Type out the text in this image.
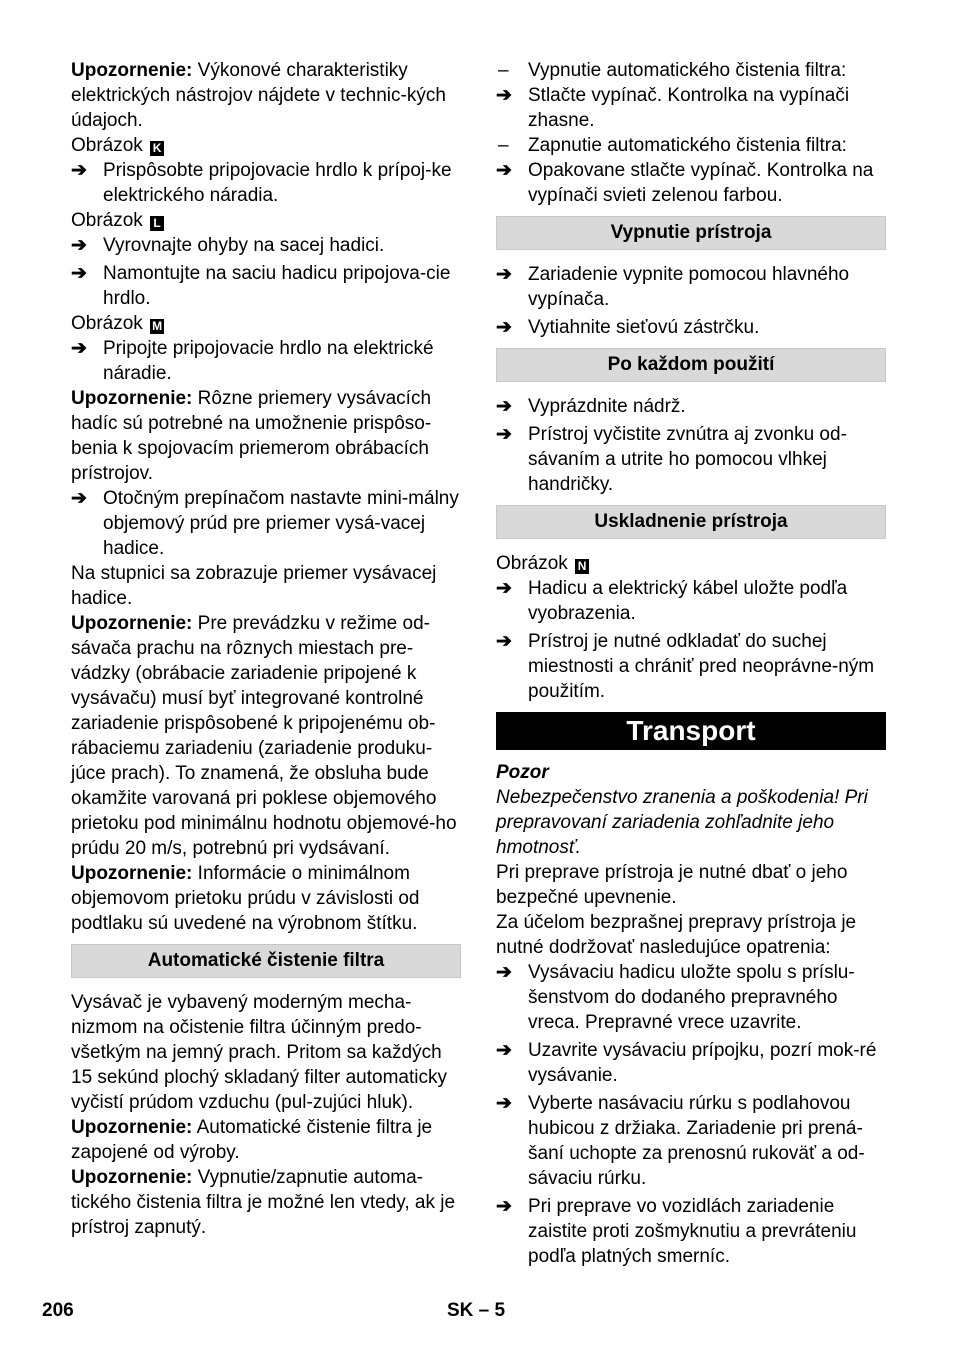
Upozornenie: Výkonové charakteristiky elektrických nástrojov nájdete v technic-kých údajoch.

Obrázok K

➔ Prispôsobte pripojovacie hrdlo k prípoj-ke elektrického náradia.

Obrázok L

➔ Vyrovnajte ohyby na sacej hadici.
➔ Namontujte na saciu hadicu pripojova-cie hrdlo.

Obrázok M

➔ Pripojte pripojovacie hrdlo na elektrické náradie.

Upozornenie: Rôzne priemery vysávacích hadíc sú potrebné na umožnenie prispôso-benia k spojovacím priemerom obrábacích prístrojov.

➔ Otočným prepínačom nastavte mini-málny objemový prúd pre priemer vysá-vacej hadice.

Na stupnici sa zobrazuje priemer vysávacej hadice.

Upozornenie: Pre prevádzku v režime od-sávača prachu na rôznych miestach pre-vádzky (obrábacie zariadenie pripojené k vysávaču) musí byť integrované kontrolné zariadenie prispôsobené k pripojenému ob-rábaciemu zariadeniu (zariadenie produku-júce prach). To znamená, že obsluha bude okamžite varovaná pri poklese objemového prietoku pod minimálnu hodnotu objemové-ho prúdu 20 m/s, potrebnú pri vydsávaní.

Upozornenie: Informácie o minimálnom objemovom prietoku prúdu v závislosti od podtlaku sú uvedené na výrobnom štítku.

Automatické čistenie filtra

Vysávač je vybavený moderným mecha-nizmom na očistenie filtra účinným predo-všetkým na jemný prach. Pritom sa každých 15 sekúnd plochý skladaný filter automaticky vyčistí prúdom vzduchu (pul-zujúci hluk).

Upozornenie: Automatické čistenie filtra je zapojené od výroby.

Upozornenie: Vypnutie/zapnutie automa-tického čistenia filtra je možné len vtedy, ak je prístroj zapnutý.

– Vypnutie automatického čistenia filtra:
➔ Stlačte vypínač. Kontrolka na vypínači zhasne.
– Zapnutie automatického čistenia filtra:
➔ Opakovane stlačte vypínač. Kontrolka na vypínači svieti zelenou farbou.
Vypnutie prístroja
➔ Zariadenie vypnite pomocou hlavného vypínača.
➔ Vytiahnite sieťovú zástrčku.
Po každom použití
➔ Vyprázdnite nádrž.
➔ Prístroj vyčistite zvnútra aj zvonku od-sávaním a utrite ho pomocou vlhkej handričky.
Uskladnenie prístroja

Obrázok N

➔ Hadicu a elektrický kábel uložte podľa vyobrazenia.
➔ Prístroj je nutné odkladať do suchej miestnosti a chrániť pred neoprávne-ným použitím.
Transport

Pozor

Nebezpečenstvo zranenia a poškodenia! Pri prepravovaní zariadenia zohľadnite jeho hmotnosť.

Pri preprave prístroja je nutné dbať o jeho bezpečné upevnenie.

Za účelom bezprašnej prepravy prístroja je nutné dodržovať nasledujúce opatrenia:

➔ Vysávaciu hadicu uložte spolu s príslu-šenstvom do dodaného prepravného vreca. Prepravné vrece uzavrite.
➔ Uzavrite vysávaciu prípojku, pozrí mok-ré vysávanie.
➔ Vyberte nasávaciu rúrku s podlahovou hubicou z držiaka. Zariadenie pri prená-šaní uchopte za prenosnú rukoväť a od-sávaciu rúrku.
➔ Pri preprave vo vozidlách zariadenie zaistite proti zošmyknutiu a prevráteniu podľa platných smerníc.
206	SK – 5
